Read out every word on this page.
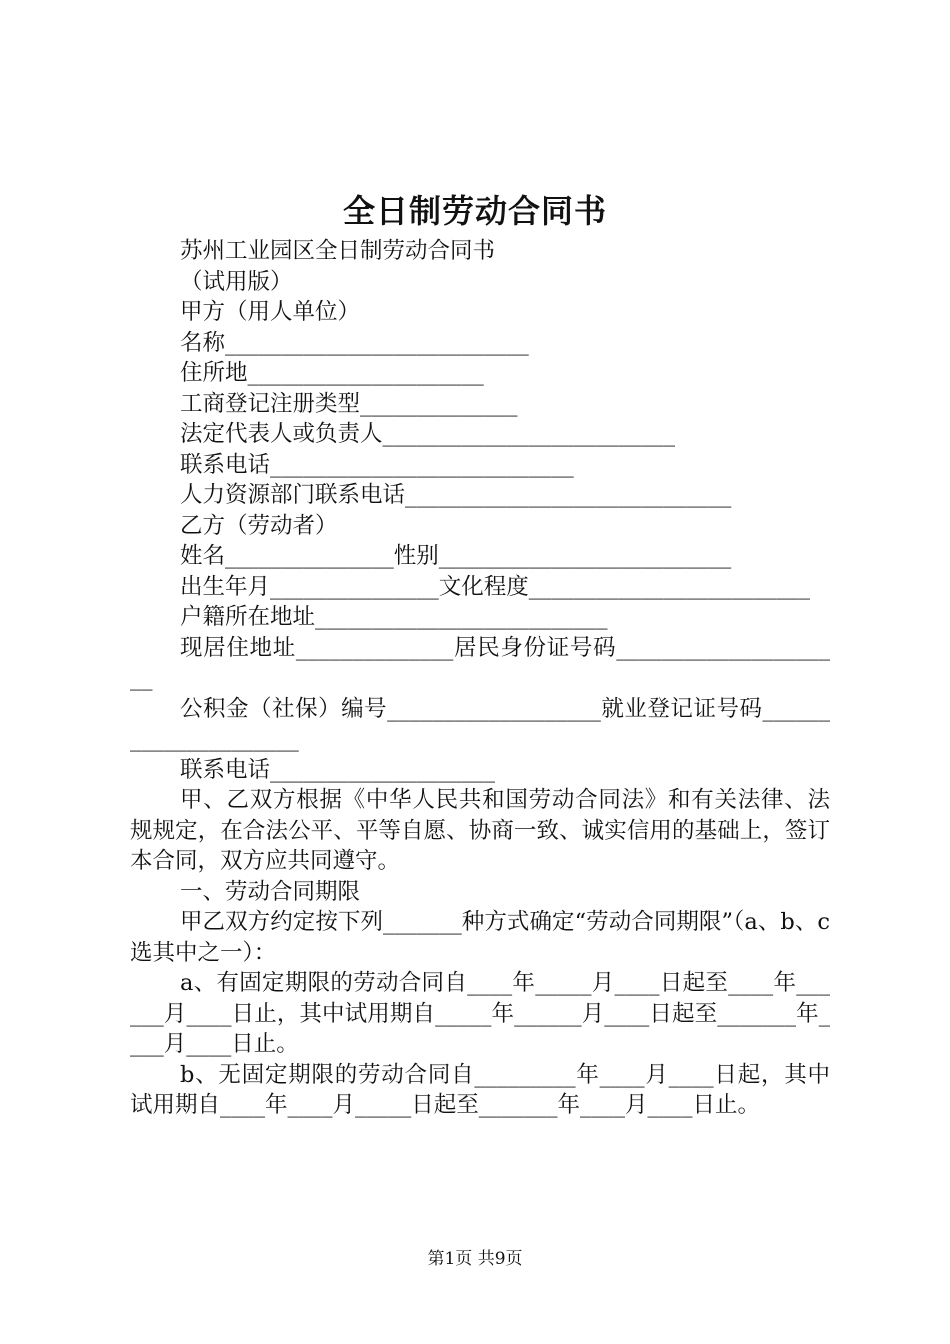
全日制劳动合同书

苏州工业园区全日制劳动合同书

（试用版）

甲方（用人单位）

名称___________________________

住所地_____________________

工商登记注册类型______________

法定代表人或负责人__________________________

联系电话___________________________

人力资源部门联系电话_____________________________

乙方（劳动者）

姓名_______________性别__________________________

出生年月_______________文化程度_________________________

户籍所在地址__________________________

现居住地址______________居民身份证号码_____________________

公积金（社保）编号___________________就业登记证号码_____________________

联系电话____________________

甲、乙双方根据《中华人民共和国劳动合同法》和有关法律、法规规定，在合法公平、平等自愿、协商一致、诚实信用的基础上，签订本合同，双方应共同遵守。

一、劳动合同期限

甲乙双方约定按下列_______种方式确定“劳动合同期限”（a、b、c选其中之一）：

a、有固定期限的劳动合同自____年_____月____日起至____年______月____日止，其中试用期自_____年______月____日起至_______年____月____日止。

b、无固定期限的劳动合同自_________年____月____日起，其中试用期自____年____月_____日起至_______年____月____日止。

第1页 共9页
